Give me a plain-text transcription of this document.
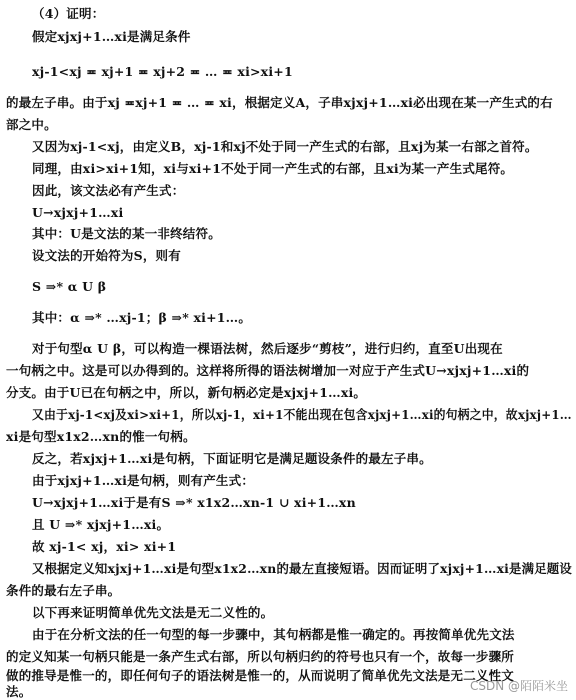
（4）证明：
假定xjxj+1…xi是满足条件
xj-1<xj ≖ xj+1 ≖ xj+2 ≖ … ≖ xi>xi+1
的最左子串。由于xj ≖xj+1 ≖ … ≖ xi，根据定义A，子串xjxj+1…xi必出现在某一产生式的右
部之中。
又因为xj-1<xj，由定义B，xj-1和xj不处于同一产生式的右部，且xj为某一右部之首符。
同理，由xi>xi+1知，xi与xi+1不处于同一产生式的右部，且xi为某一产生式尾符。
因此，该文法必有产生式：
U→xjxj+1…xi
其中：U是文法的某一非终结符。
设文法的开始符为S，则有
S ⇒* α U β
其中：α ⇒* …xj-1；β ⇒* xi+1…。
对于句型α U β，可以构造一棵语法树，然后逐步“剪枝”，进行归约，直至U出现在
一句柄之中。这是可以办得到的。这样将所得的语法树增加一对应于产生式U→xjxj+1…xi的
分支。由于U已在句柄之中，所以，新句柄必定是xjxj+1…xi。
又由于xj-1<xj及xi>xi+1，所以xj-1，xi+1不能出现在包含xjxj+1…xi的句柄之中，故xjxj+1…
xi是句型x1x2…xn的惟一句柄。
反之，若xjxj+1…xi是句柄，下面证明它是满足题设条件的最左子串。
由于xjxj+1…xi是句柄，则有产生式：
U→xjxj+1…xi于是有S ⇒* x1x2…xn-1 ∪ xi+1…xn
且 U ⇒* xjxj+1…xi。
故 xj-1< xj，xi> xi+1
又根据定义知xjxj+1…xi是句型x1x2…xn的最左直接短语。因而证明了xjxj+1…xi是满足题设
条件的最右左子串。
以下再来证明简单优先文法是无二义性的。
由于在分析文法的任一句型的每一步骤中，其句柄都是惟一确定的。再按简单优先文法
的定义知某一句柄只能是一条产生式右部，所以句柄归约的符号也只有一个，故每一步骤所
做的推导是惟一的，即任何句子的语法树是惟一的，从而说明了简单优先文法是无二义性文
法。	CSDN @陌陌米坐
